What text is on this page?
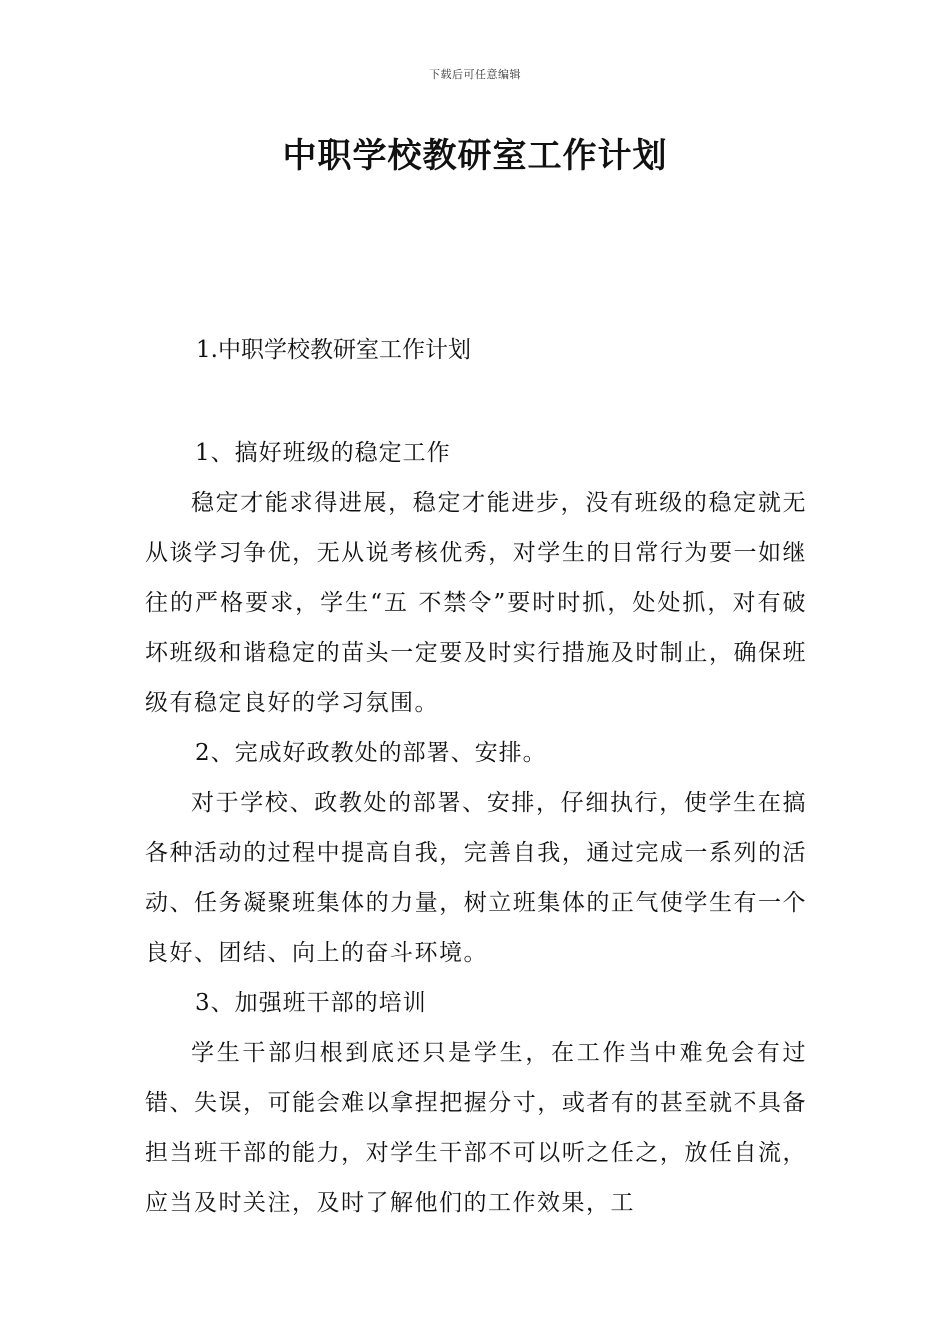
下载后可任意编辑
中职学校教研室工作计划

1.中职学校教研室工作计划

1、搞好班级的稳定工作

稳定才能求得进展，稳定才能进步，没有班级的稳定就无从谈学习争优，无从说考核优秀，对学生的日常行为要一如继往的严格要求，学生“五 不禁令”要时时抓，处处抓，对有破坏班级和谐稳定的苗头一定要及时实行措施及时制止，确保班级有稳定良好的学习氛围。

2、完成好政教处的部署、安排。

对于学校、政教处的部署、安排，仔细执行，使学生在搞各种活动的过程中提高自我，完善自我，通过完成一系列的活动、任务凝聚班集体的力量，树立班集体的正气使学生有一个良好、团结、向上的奋斗环境。

3、加强班干部的培训

学生干部归根到底还只是学生，在工作当中难免会有过错、失误，可能会难以拿捏把握分寸，或者有的甚至就不具备担当班干部的能力，对学生干部不可以听之任之，放任自流，应当及时关注，及时了解他们的工作效果，工
